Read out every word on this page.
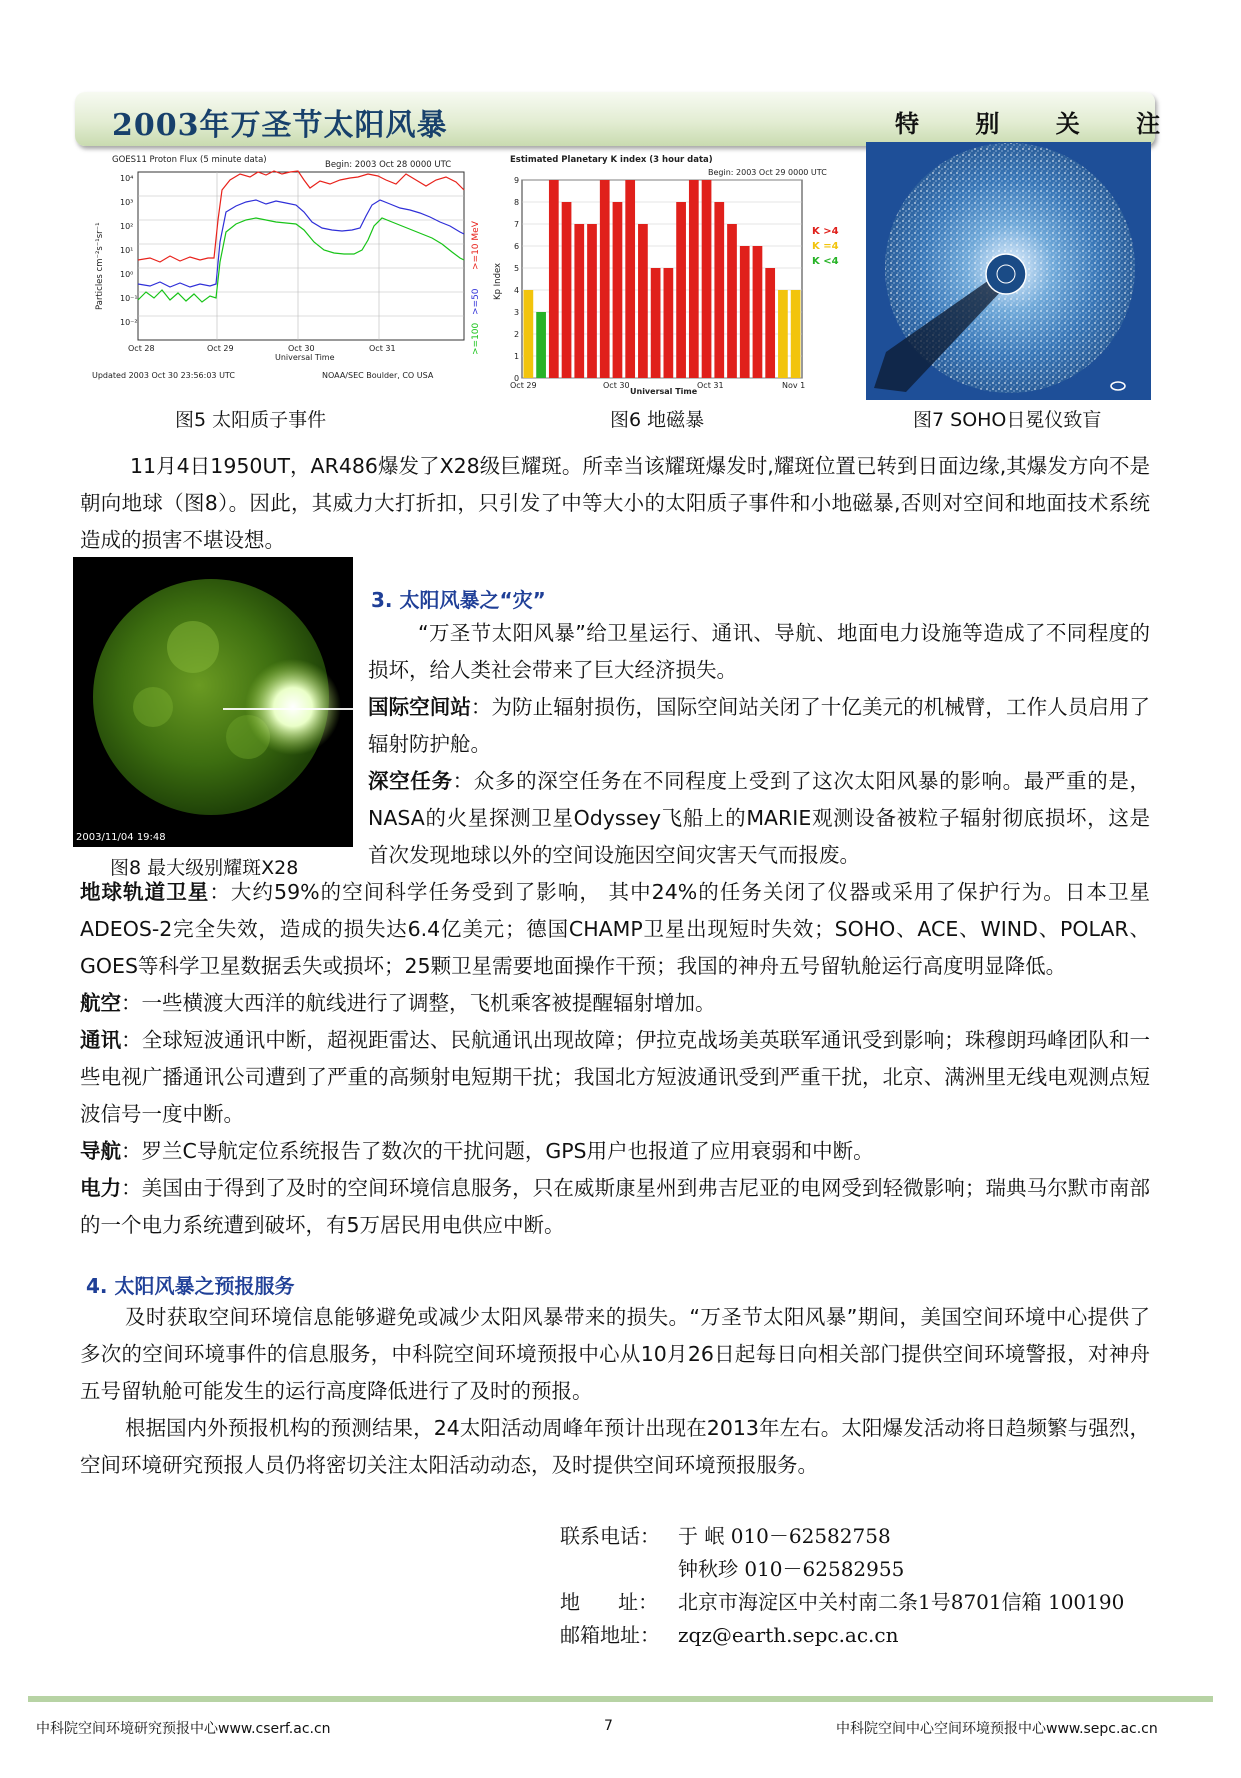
2003年万圣节太阳风暴	特 别 关 注
GOES11 Proton Flux (5 minute data)	Begin: 2003 Oct 28 0000 UTC
10⁴
10³
10²
10¹
10⁰
10⁻¹
10⁻²
Oct 28	Oct 29	Oct 30	Oct 31
Universal Time
Updated 2003 Oct 30 23:56:03 UTC	NOAA/SEC Boulder, CO USA
Particles cm⁻²s⁻¹sr⁻¹	>=10 MeV
>=50
>=100
图5 太阳质子事件
Estimated Planetary K index (3 hour data)
Begin: 2003 Oct 29 0000 UTC
0
1
2
3
4
5
6
7
8
9
Oct 29	Oct 30	Oct 31	Nov 1
Universal Time
Kp Index
K >4
K =4
K <4
图6 地磁暴	图7 SOHO日冕仪致盲
11月4日1950UT，AR486爆发了X28级巨耀斑。所幸当该耀斑爆发时,耀斑位置已转到日面边缘,其爆发方向不是朝向地球（图8）。因此，其威力大打折扣，只引发了中等大小的太阳质子事件和小地磁暴,否则对空间和地面技术系统造成的损害不堪设想。
2003/11/04 19:48
图8 最大级别耀斑X28
3. 太阳风暴之“灾”
“万圣节太阳风暴”给卫星运行、通讯、导航、地面电力设施等造成了不同程度的损坏，给人类社会带来了巨大经济损失。
国际空间站：为防止辐射损伤，国际空间站关闭了十亿美元的机械臂，工作人员启用了辐射防护舱。
深空任务：众多的深空任务在不同程度上受到了这次太阳风暴的影响。最严重的是，NASA的火星探测卫星Odyssey飞船上的MARIE观测设备被粒子辐射彻底损坏，这是首次发现地球以外的空间设施因空间灾害天气而报废。
地球轨道卫星：大约59%的空间科学任务受到了影响， 其中24%的任务关闭了仪器或采用了保护行为。日本卫星ADEOS-2完全失效，造成的损失达6.4亿美元；德国CHAMP卫星出现短时失效；SOHO、ACE、WIND、POLAR、GOES等科学卫星数据丢失或损坏；25颗卫星需要地面操作干预；我国的神舟五号留轨舱运行高度明显降低。
航空：一些横渡大西洋的航线进行了调整，飞机乘客被提醒辐射增加。
通讯：全球短波通讯中断，超视距雷达、民航通讯出现故障；伊拉克战场美英联军通讯受到影响；珠穆朗玛峰团队和一些电视广播通讯公司遭到了严重的高频射电短期干扰；我国北方短波通讯受到严重干扰，北京、满洲里无线电观测点短波信号一度中断。
导航：罗兰C导航定位系统报告了数次的干扰问题，GPS用户也报道了应用衰弱和中断。
电力：美国由于得到了及时的空间环境信息服务，只在威斯康星州到弗吉尼亚的电网受到轻微影响；瑞典马尔默市南部的一个电力系统遭到破坏，有5万居民用电供应中断。
4. 太阳风暴之预报服务
及时获取空间环境信息能够避免或减少太阳风暴带来的损失。“万圣节太阳风暴”期间，美国空间环境中心提供了多次的空间环境事件的信息服务，中科院空间环境预报中心从10月26日起每日向相关部门提供空间环境警报，对神舟五号留轨舱可能发生的运行高度降低进行了及时的预报。
根据国内外预报机构的预测结果，24太阳活动周峰年预计出现在2013年左右。太阳爆发活动将日趋频繁与强烈，空间环境研究预报人员仍将密切关注太阳活动动态，及时提供空间环境预报服务。
联系电话： 于 岷 010－62582758
钟秋珍 010－62582955
地      址： 北京市海淀区中关村南二条1号8701信箱 100190
邮箱地址： zqz@earth.sepc.ac.cn
中科院空间环境研究预报中心www.cserf.ac.cn	7	中科院空间中心空间环境预报中心www.sepc.ac.cn
